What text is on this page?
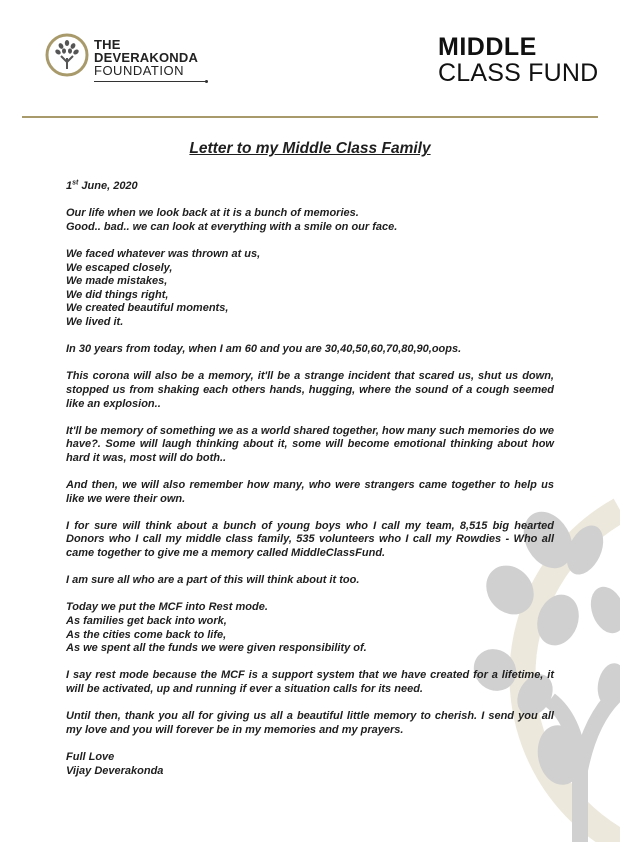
THE
DEVERAKONDA
FOUNDATION
MIDDLE
CLASS FUND
Letter to my Middle Class Family

1st June, 2020

Our life when we look back at it is a bunch of memories.
Good.. bad.. we can look at everything with a smile on our face.

We faced whatever was thrown at us,
We escaped closely,
We made mistakes,
We did things right,
We created beautiful moments,
We lived it.

In 30 years from today, when I am 60 and you are 30,40,50,60,70,80,90,oops.

This corona will also be a memory, it'll be a strange incident that scared us, shut us down, stopped us from shaking each others hands, hugging, where the sound of a cough seemed like an explosion..

It'll be memory of something we as a world shared together, how many such memories do we have?. Some will laugh thinking about it, some will become emotional thinking about how hard it was, most will do both..

And then, we will also remember how many, who were strangers came together to help us like we were their own.

I for sure will think about a bunch of young boys who I call my team, 8,515 big hearted Donors who I call my middle class family, 535 volunteers who I call my Rowdies - Who all came together to give me a memory called MiddleClassFund.

I am sure all who are a part of this will think about it too.

Today we put the MCF into Rest mode.
As families get back into work,
As the cities come back to life,
As we spent all the funds we were given responsibility of.

I say rest mode because the MCF is a support system that we have created for a lifetime, it will be activated, up and running if ever a situation calls for its need.

Until then, thank you all for giving us all a beautiful little memory to cherish. I send you all my love and you will forever be in my memories and my prayers.

Full Love
Vijay Deverakonda
